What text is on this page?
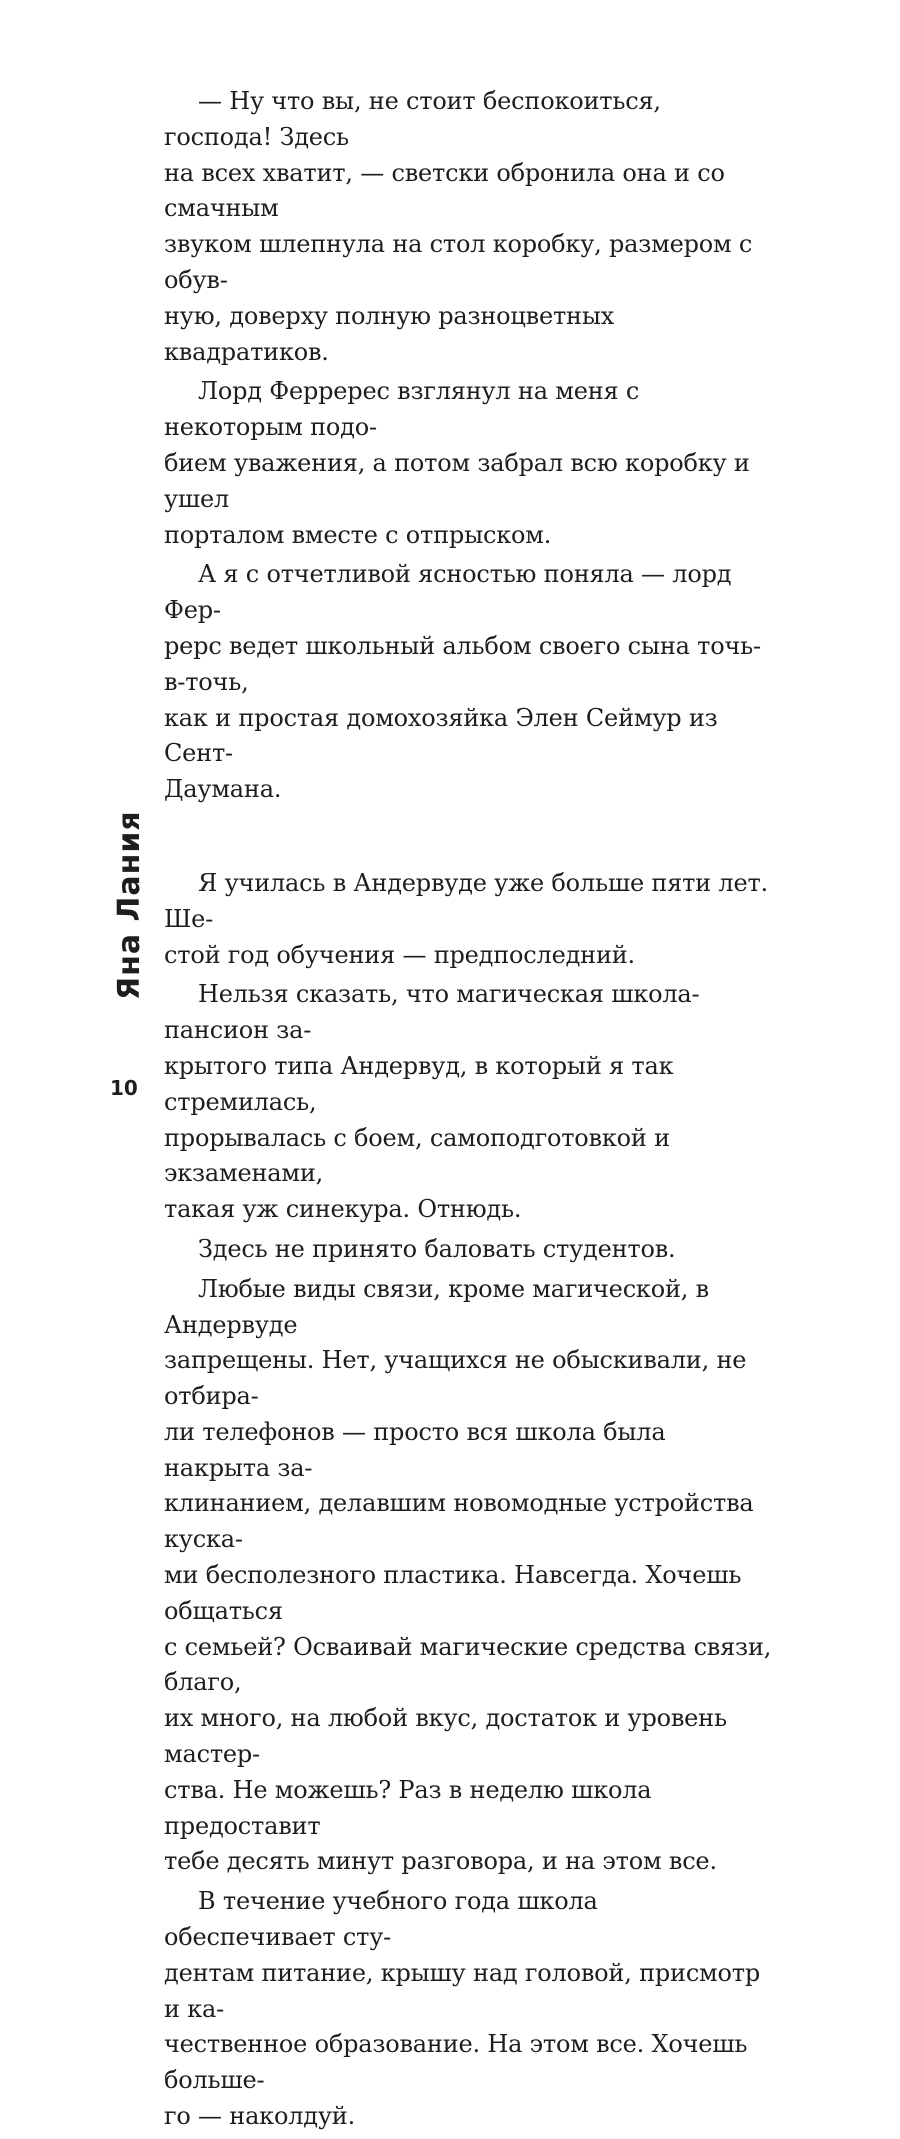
— Ну что вы, не стоит беспокоиться, господа! Здесь
на всех хватит, — светски обронила она и со смачным
звуком шлепнула на стол коробку, размером с обув-
ную, доверху полную разноцветных квадратиков.
Лорд Ферререс взглянул на меня с некоторым подо-
бием уважения, а потом забрал всю коробку и ушел
порталом вместе с отпрыском.
А я с отчетливой ясностью поняла — лорд Фер-
рерс ведет школьный альбом своего сына точь-в-точь,
как и простая домохозяйка Элен Сеймур из Сент-
Даумана.
Я училась в Андервуде уже больше пяти лет. Ше-
стой год обучения — предпоследний.
Нельзя сказать, что магическая школа-пансион за-
крытого типа Андервуд, в который я так стремилась,
прорывалась с боем, самоподготовкой и экзаменами,
такая уж синекура. Отнюдь.
Здесь не принято баловать студентов.
Любые виды связи, кроме магической, в Андервуде
запрещены. Нет, учащихся не обыскивали, не отбира-
ли телефонов — просто вся школа была накрыта за-
клинанием, делавшим новомодные устройства куска-
ми бесполезного пластика. Навсегда. Хочешь общаться
с семьей? Осваивай магические средства связи, благо,
их много, на любой вкус, достаток и уровень мастер-
ства. Не можешь? Раз в неделю школа предоставит
тебе десять минут разговора, и на этом все.
В течение учебного года школа обеспечивает сту-
дентам питание, крышу над головой, присмотр и ка-
чественное образование. На этом все. Хочешь больше-
го — наколдуй.
Яна Лания
10
